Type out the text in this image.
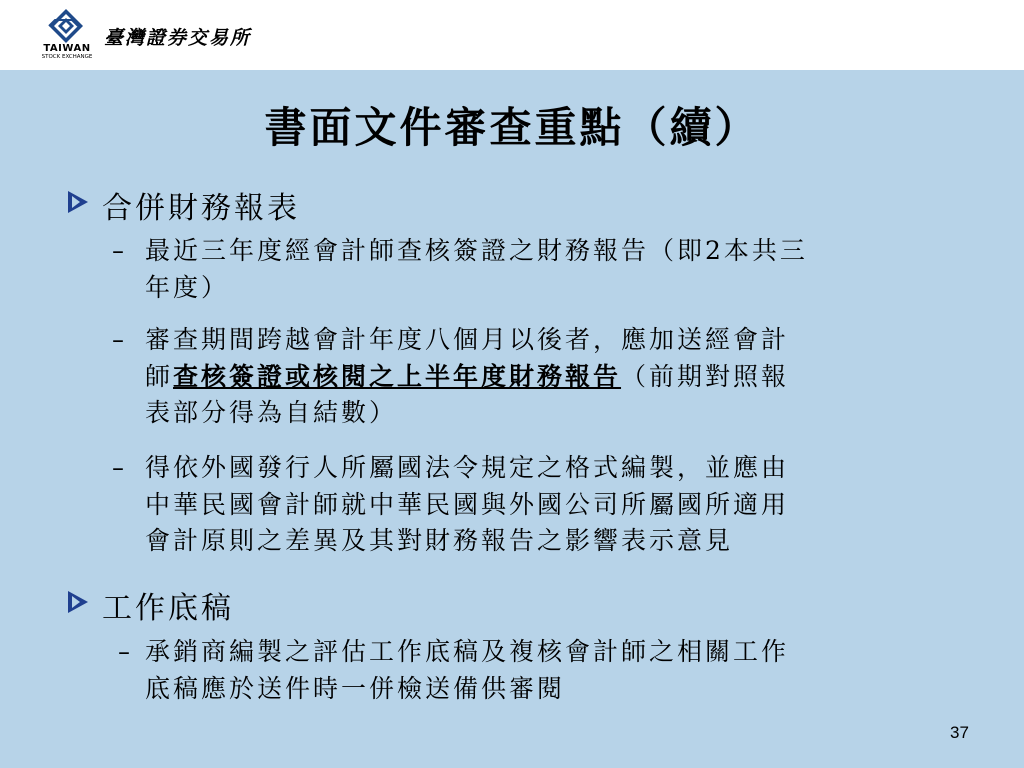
TAIWAN
STOCK EXCHANGE
臺灣證券交易所
書面文件審查重點（續）
合併財務報表
– 最近三年度經會計師查核簽證之財務報告（即2本共三
年度）
– 審查期間跨越會計年度八個月以後者，應加送經會計
師查核簽證或核閱之上半年度財務報告（前期對照報
表部分得為自結數）
– 得依外國發行人所屬國法令規定之格式編製，並應由
中華民國會計師就中華民國與外國公司所屬國所適用
會計原則之差異及其對財務報告之影響表示意見
工作底稿
– 承銷商編製之評估工作底稿及複核會計師之相關工作
底稿應於送件時一併檢送備供審閱
37
